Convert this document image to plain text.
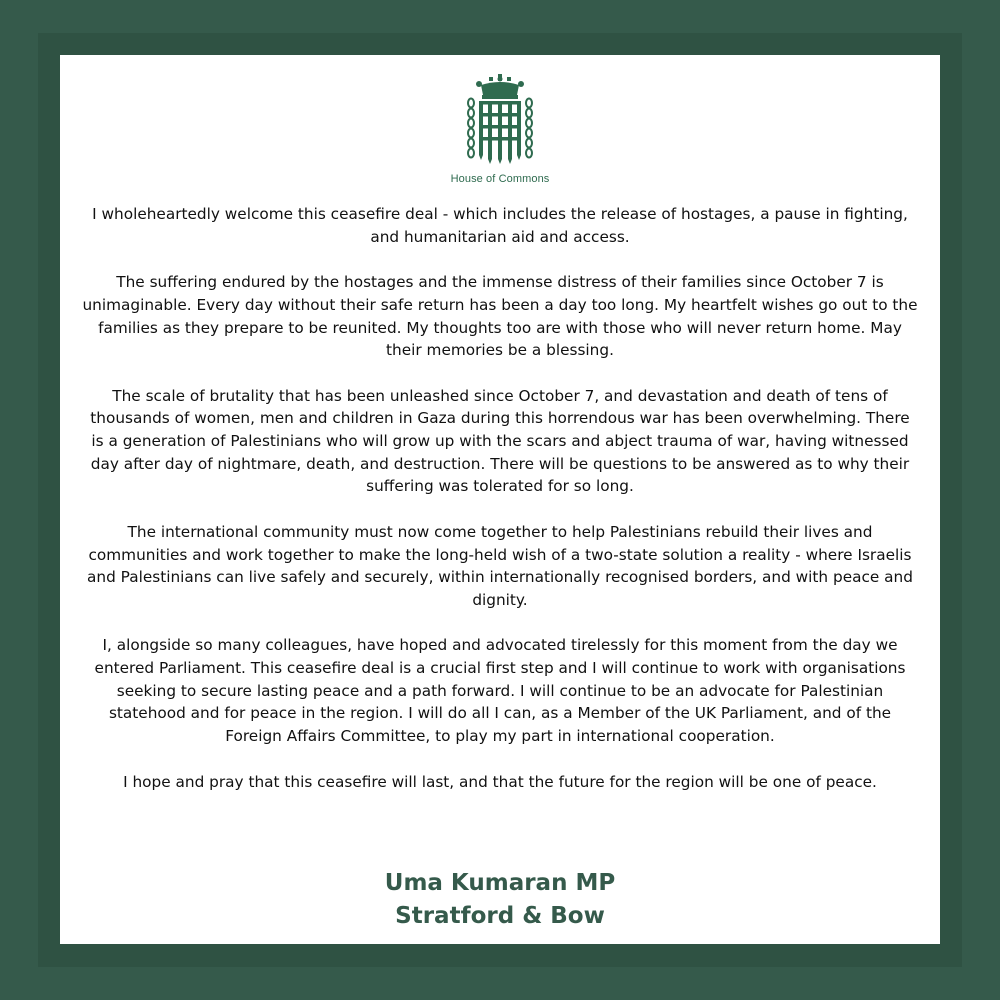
House of Commons

I wholeheartedly welcome this ceasefire deal - which includes the release of hostages, a pause in fighting, and humanitarian aid and access.

The suffering endured by the hostages and the immense distress of their families since October 7 is unimaginable. Every day without their safe return has been a day too long. My heartfelt wishes go out to the families as they prepare to be reunited. My thoughts too are with those who will never return home. May their memories be a blessing.

The scale of brutality that has been unleashed since October 7, and devastation and death of tens of thousands of women, men and children in Gaza during this horrendous war has been overwhelming. There is a generation of Palestinians who will grow up with the scars and abject trauma of war, having witnessed day after day of nightmare, death, and destruction. There will be questions to be answered as to why their suffering was tolerated for so long.

The international community must now come together to help Palestinians rebuild their lives and communities and work together to make the long-held wish of a two-state solution a reality - where Israelis and Palestinians can live safely and securely, within internationally recognised borders, and with peace and dignity.

I, alongside so many colleagues, have hoped and advocated tirelessly for this moment from the day we entered Parliament. This ceasefire deal is a crucial first step and I will continue to work with organisations seeking to secure lasting peace and a path forward. I will continue to be an advocate for Palestinian statehood and for peace in the region. I will do all I can, as a Member of the UK Parliament, and of the Foreign Affairs Committee, to play my part in international cooperation.

I hope and pray that this ceasefire will last, and that the future for the region will be one of peace.

Uma Kumaran MP
Stratford & Bow
